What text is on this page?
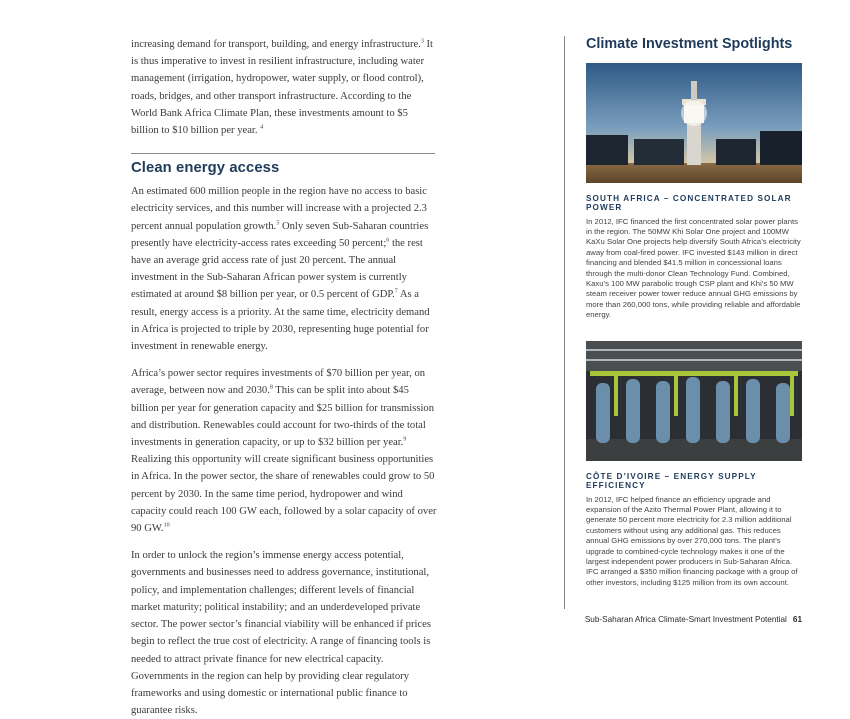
increasing demand for transport, building, and energy infrastructure.$^3$ It is thus imperative to invest in resilient infrastructure, including water management (irrigation, hydropower, water supply, or flood control), roads, bridges, and other transport infrastructure. According to the World Bank Africa Climate Plan, these investments amount to $5 billion to $10 billion per year. $^4$

Clean energy access

An estimated 600 million people in the region have no access to basic electricity services, and this number will increase with a projected 2.3 percent annual population growth.$^5$ Only seven Sub-Saharan countries presently have electricity-access rates exceeding 50 percent;$^6$ the rest have an average grid access rate of just 20 percent. The annual investment in the Sub-Saharan African power system is currently estimated at around $8 billion per year, or 0.5 percent of GDP.$^7$ As a result, energy access is a priority. At the same time, electricity demand in Africa is projected to triple by 2030, representing huge potential for investment in renewable energy.

Africa’s power sector requires investments of $70 billion per year, on average, between now and 2030.$^8$ This can be split into about $45 billion per year for generation capacity and $25 billion for transmission and distribution. Renewables could account for two-thirds of the total investments in generation capacity, or up to $32 billion per year.$^9$ Realizing this opportunity will create significant business opportunities in Africa. In the power sector, the share of renewables could grow to 50 percent by 2030. In the same time period, hydropower and wind capacity could reach 100 GW each, followed by a solar capacity of over 90 GW.$^{10}$

In order to unlock the region’s immense energy access potential, governments and businesses need to address governance, institutional, policy, and implementation challenges; different levels of financial market maturity; political instability; and an underdeveloped private sector. The power sector’s financial viability will be enhanced if prices begin to reflect the true cost of electricity. A range of financing tools is needed to attract private finance for new electrical capacity. Governments in the region can help by providing clear regulatory frameworks and using domestic or international public finance to guarantee risks.

Climate Investment Spotlights
SOUTH AFRICA – CONCENTRATED SOLAR POWER

In 2012, IFC financed the first concentrated solar power plants in the region. The 50MW Khi Solar One project and 100MW KaXu Solar One projects help diversify South Africa’s electricity away from coal-fired power. IFC invested $143 million in direct financing and blended $41.5 million in concessional loans through the multi-donor Clean Technology Fund. Combined, Kaxu’s 100 MW parabolic trough CSP plant and Khi’s 50 MW steam receiver power tower reduce annual GHG emissions by more than 260,000 tons, while providing reliable and affordable energy.

CÔTE D’IVOIRE – ENERGY SUPPLY EFFICIENCY

In 2012, IFC helped finance an efficiency upgrade and expansion of the Azito Thermal Power Plant, allowing it to generate 50 percent more electricity for 2.3 million additional customers without using any additional gas. This reduces annual GHG emissions by over 270,000 tons. The plant’s upgrade to combined-cycle technology makes it one of the largest independent power producers in Sub-Saharan Africa. IFC arranged a $350 million financing package with a group of other investors, including $125 million from its own account.

Sub-Saharan Africa Climate-Smart Investment Potential 61
